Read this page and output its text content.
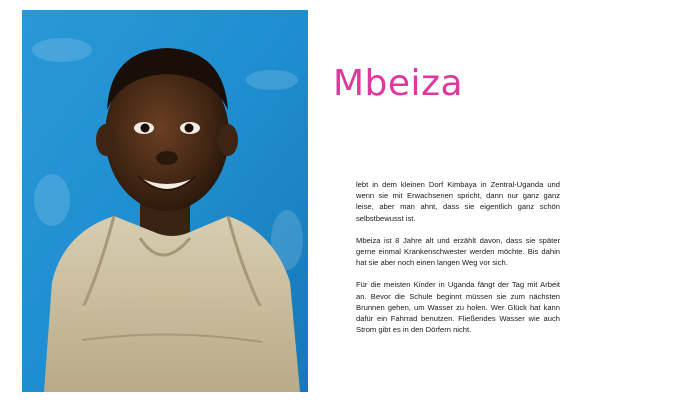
Mbeiza

lebt in dem kleinen Dorf Kimbaya in Zentral-Uganda und wenn sie mit Erwachsenen spricht, dann nur ganz ganz leise, aber man ahnt, dass sie eigentlich ganz schön selbstbewusst ist.

Mbeiza ist 8 Jahre alt und erzählt davon, dass sie später gerne einmal Krankenschwester werden möchte. Bis dahin hat sie aber noch einen langen Weg vor sich.

Für die meisten Kinder in Uganda fängt der Tag mit Arbeit an. Bevor die Schule beginnt müssen sie zum nächsten Brunnen gehen, um Wasser zu holen. Wer Glück hat kann dafür ein Fahrrad benutzen. Fließendes Wasser wie auch Strom gibt es in den Dörfern nicht.
